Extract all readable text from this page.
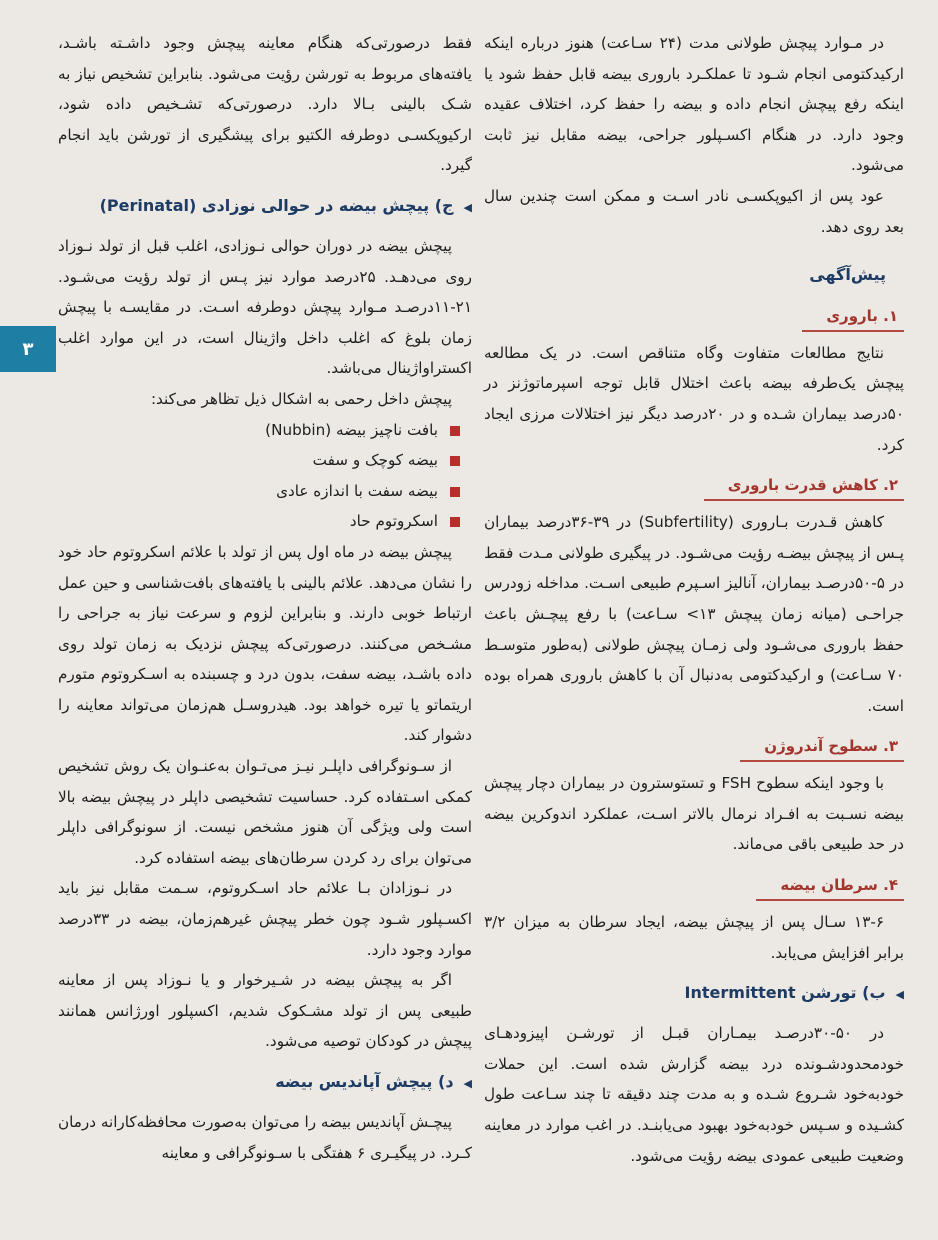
۳

در مـوارد پیچش طولانی مدت (۲۴ سـاعت) هنوز درباره اینکه ارکیدکتومی انجام شـود تا عملکـرد باروری بیضه قابل حفظ شود یا اینکه رفع پیچش انجام داده و بیضه را حفظ کرد، اختلاف عقیده وجود دارد. در هنگام اکسـپلور جراحی، بیضه مقابل نیز ثابت می‌شود.

عود پس از اکیوپکسـی نادر اسـت و ممکن است چندین سال بعد روی دهد.

پیش‌آگهی
۱. باروری

نتایج مطالعات متفاوت وگاه متناقص است. در یک مطالعه پیچش یک‌طرفه بیضه باعث اختلال قابل توجه اسپرماتوژنز در ۵۰درصد بیماران شـده و در ۲۰درصد دیگر نیز اختلالات مرزی ایجاد کرد.

۲. کاهش قدرت باروری

کاهش قـدرت بـاروری (Subfertility) در ۳۹-۳۶درصد بیماران پـس از پیچش بیضـه رؤیت می‌شـود. در پیگیری طولانی مـدت فقط در ۵-۵۰درصـد بیماران، آنالیز اسـپرم طبیعی اسـت. مداخله زودرس جراحـی (میانه زمان پیچش ۱۳> سـاعت) با رفع پیچـش باعث حفظ باروری می‌شـود ولی زمـان پیچش طولانی (به‌طور متوسـط ۷۰ سـاعت) و ارکیدکتومی به‌دنبال آن با کاهش باروری همراه بوده است.

۳. سطوح آندروژن

با وجود اینکه سطوح FSH و تستوسترون در بیماران دچار پیچش بیضه نسـبت به افـراد نرمال بالاتر اسـت، عملکرد اندوکرین بیضه در حد طبیعی باقی می‌ماند.

۴. سرطان بیضه

۱۳-۶ سـال پس از پیچش بیضه، ایجاد سرطان به میزان ۳/۲ برابر افزایش می‌یابد.

◀ب) تورشن Intermittent

در ۵۰-۳۰درصـد بیمـاران قبـل از تورشـن اپیزودهـای خودمحدودشـونده درد بیضه گزارش شده است. این حملات خودبه‌خود شـروع شـده و به مدت چند دقیقه تا چند سـاعت طول کشـیده و سـپس خودبه‌خود بهبود می‌یابنـد. در اغب موارد در معاینه وضعیت طبیعی عمودی بیضه رؤیت می‌شود.

فقط درصورتی‌که هنگام معاینه پیچش وجود داشـته باشـد، یافته‌های مربوط به تورشن رؤیت می‌شود. بنابراین تشخیص نیاز به شـک بالینی بـالا دارد. درصورتی‌که تشـخیص داده شود، ارکیوپکسـی دوطرفه الکتیو برای پیشگیری از تورشن باید انجام گیرد.

◀ج) پیچش بیضه در حوالی نوزادی (Perinatal)

پیچش بیضه در دوران حوالی نـوزادی، اغلب قبل از تولد نـوزاد روی می‌دهـد. ۲۵درصد موارد نیز پـس از تولد رؤیت می‌شـود. ۲۱-۱۱درصـد مـوارد پیچش دوطرفه اسـت. در مقایسـه با پیچش زمان بلوغ که اغلب داخل واژینال است، در این موارد اغلب اکستراواژینال می‌باشد.

پیچش داخل رحمی به اشکال ذیل تظاهر می‌کند:

بافت ناچیز بیضه (Nubbin)
بیضه کوچک و سفت
بیضه سفت با اندازه عادی
اسکروتوم حاد

پیچش بیضه در ماه اول پس از تولد با علائم اسکروتوم حاد خود را نشان می‌دهد. علائم بالینی با یافته‌های بافت‌شناسی و حین عمل ارتباط خوبی دارند. و بنابراین لزوم و سرعت نیاز به جراحی را مشـخص می‌کنند. درصورتی‌که پیچش نزدیک به زمان تولد روی داده باشـد، بیضه سفت، بدون درد و چسبنده به اسـکروتوم متورم اریتماتو یا تیره خواهد بود. هیدروسـل هم‌زمان می‌تواند معاینه را دشوار کند.

از سـونوگرافی داپلـر نیـز می‌تـوان به‌عنـوان یک روش تشخیص کمکی اسـتفاده کرد. حساسیت تشخیصی داپلر در پیچش بیضه بالا است ولی ویژگی آن هنوز مشخص نیست. از سونوگرافی داپلر می‌توان برای رد کردن سرطان‌های بیضه استفاده کرد.

در نـوزادان بـا علائم حاد اسـکروتوم، سـمت مقابل نیز باید اکسـپلور شـود چون خطر پیچش غیرهم‌زمان، بیضه در ۳۳درصد موارد وجود دارد.

اگر به پیچش بیضه در شـیرخوار و یا نـوزاد پس از معاینه طبیعی پس از تولد مشـکوک شدیم، اکسپلور اورژانس همانند پیچش در کودکان توصیه می‌شود.

◀د) پیچش آپاندیس بیضه

پیچـش آپاندیس بیضه را می‌توان به‌صورت محافظه‌کارانه درمان کـرد. در پیگیـری ۶ هفتگی با سـونوگرافی و معاینه
